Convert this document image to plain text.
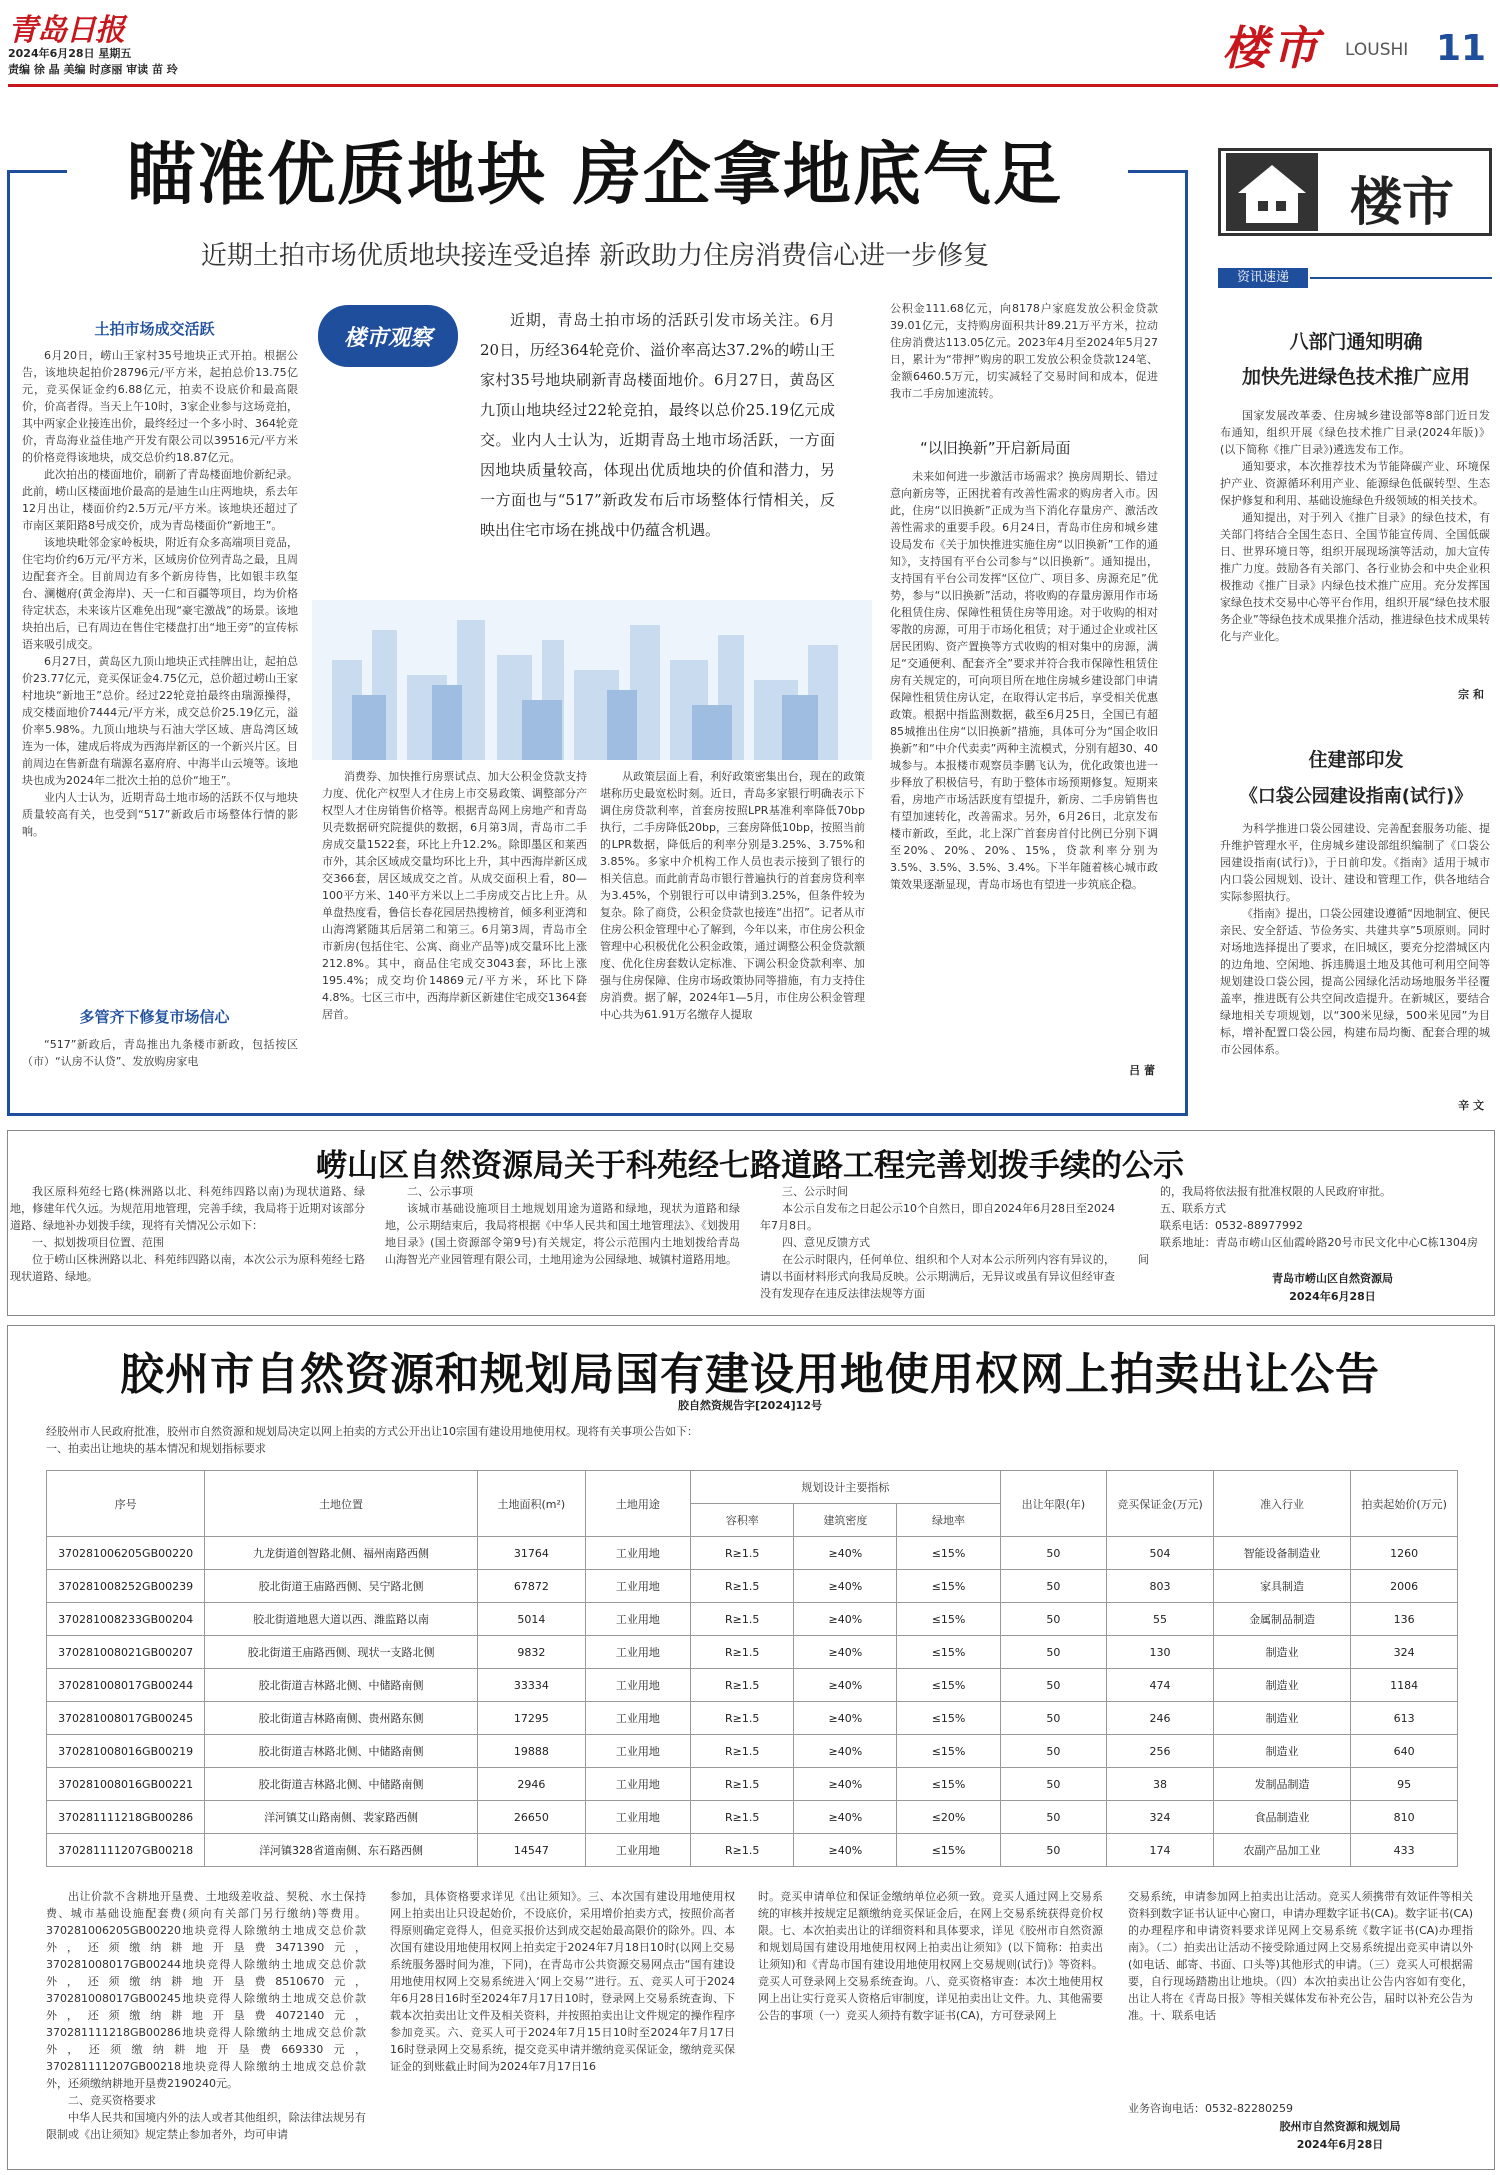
青岛日报
2024年6月28日 星期五
责编 徐 晶 美编 时彦丽 审读 苗 玲	楼市 LOUSHI 11
瞄准优质地块 房企拿地底气足
近期土拍市场优质地块接连受追捧 新政助力住房消费信心进一步修复
土拍市场成交活跃

6月20日，崂山王家村35号地块正式开拍。根据公告，该地块起拍价28796元/平方米，起拍总价13.75亿元，竞买保证金约6.88亿元，拍卖不设底价和最高限价，价高者得。当天上午10时，3家企业参与这场竞拍，其中两家企业接连出价，最终经过一个多小时、364轮竞价，青岛海业益佳地产开发有限公司以39516元/平方米的价格竞得该地块，成交总价约18.87亿元。

此次拍出的楼面地价，刷新了青岛楼面地价新纪录。此前，崂山区楼面地价最高的是迪生山庄两地块，系去年12月出让，楼面价约2.5万元/平方米。该地块还超过了市南区莱阳路8号成交价，成为青岛楼面价“新地王”。

该地块毗邻金家岭板块，附近有众多高端项目竞品，住宅均价约6万元/平方米，区域房价位列青岛之最，且周边配套齐全。目前周边有多个新房待售，比如银丰玖玺台、澜樾府(黄金海岸)、天一仁和百疆等项目，均为价格待定状态，未来该片区难免出现“豪宅激战”的场景。该地块拍出后，已有周边在售住宅楼盘打出“地王旁”的宣传标语来吸引成交。

6月27日，黄岛区九顶山地块正式挂牌出让，起拍总价23.77亿元，竞买保证金4.75亿元，总价超过崂山王家村地块“新地王”总价。经过22轮竞拍最终由瑞源操得，成交楼面地价7444元/平方米，成交总价25.19亿元，溢价率5.98%。九顶山地块与石油大学区域、唐岛湾区域连为一体，建成后将成为西海岸新区的一个新兴片区。目前周边在售新盘有瑞源名嘉府府、中海半山云境等。该地块也成为2024年二批次土拍的总价“地王”。

业内人士认为，近期青岛土地市场的活跃不仅与地块质量较高有关，也受到“517”新政后市场整体行情的影响。

多管齐下修复市场信心

“517”新政后，青岛推出九条楼市新政，包括按区（市）“认房不认贷”、发放购房家电

楼市观察
近期，青岛土拍市场的活跃引发市场关注。6月20日，历经364轮竞价、溢价率高达37.2%的崂山王家村35号地块刷新青岛楼面地价。6月27日，黄岛区九顶山地块经过22轮竞拍，最终以总价25.19亿元成交。业内人士认为，近期青岛土地市场活跃，一方面因地块质量较高，体现出优质地块的价值和潜力，另一方面也与“517”新政发布后市场整体行情相关，反映出住宅市场在挑战中仍蕴含机遇。
消费券、加快推行房票试点、加大公积金贷款支持力度、优化产权型人才住房上市交易政策、调整部分产权型人才住房销售价格等。根据青岛网上房地产和青岛贝壳数据研究院提供的数据，6月第3周，青岛市二手房成交量1522套，环比上升12.2%。除即墨区和莱西市外，其余区域成交量均环比上升，其中西海岸新区成交366套，居区域成交之首。从成交面积上看，80—100平方米、140平方米以上二手房成交占比上升。从单盘热度看，鲁信长春花园居热搜榜首，倾多利亚湾和山海湾紧随其后居第二和第三。6月第3周，青岛市全市新房(包括住宅、公寓、商业产品等)成交量环比上涨212.8%。其中，商品住宅成交3043套，环比上涨195.4%；成交均价14869元/平方米，环比下降4.8%。七区三市中，西海岸新区新建住宅成交1364套居首。
从政策层面上看，利好政策密集出台，现在的政策堪称历史最宽松时刻。近日，青岛多家银行明确表示下调住房贷款利率，首套房按照LPR基准利率降低70bp执行，二手房降低20bp，三套房降低10bp，按照当前的LPR数据，降低后的利率分别是3.25%、3.75%和3.85%。多家中介机构工作人员也表示接到了银行的相关信息。而此前青岛市银行普遍执行的首套房贷利率为3.45%，个别银行可以申请到3.25%，但条件较为复杂。除了商贷，公积金贷款也接连“出招”。记者从市住房公积金管理中心了解到，今年以来，市住房公积金管理中心积极优化公积金政策，通过调整公积金贷款额度、优化住房套数认定标准、下调公积金贷款利率、加强与住房保障、住房市场政策协同等措施，有力支持住房消费。据了解，2024年1—5月，市住房公积金管理中心共为61.91万名缴存人提取
公积金111.68亿元，向8178户家庭发放公积金贷款39.01亿元，支持购房面积共计89.21万平方米，拉动住房消费达113.05亿元。2023年4月至2024年5月27日，累计为“带押”购房的职工发放公积金贷款124笔、金额6460.5万元，切实减轻了交易时间和成本，促进我市二手房加速流转。
“以旧换新”开启新局面
未来如何进一步激活市场需求？换房周期长、错过意向新房等，正困扰着有改善性需求的购房者入市。因此，住房“以旧换新”正成为当下消化存量房产、激活改善性需求的重要手段。6月24日，青岛市住房和城乡建设局发布《关于加快推进实施住房“以旧换新”工作的通知》，支持国有平台公司参与“以旧换新”。通知提出，支持国有平台公司发挥“区位广、项目多、房源充足”优势，参与“以旧换新”活动，将收购的存量房源用作市场化租赁住房、保障性租赁住房等用途。对于收购的相对零散的房源，可用于市场化租赁；对于通过企业或社区居民团购、资产置换等方式收购的相对集中的房源，满足“交通便利、配套齐全”要求并符合我市保障性租赁住房有关规定的，可向项目所在地住房城乡建设部门申请保障性租赁住房认定，在取得认定书后，享受相关优惠政策。根据中指监测数据，截至6月25日，全国已有超85城推出住房“以旧换新”措施，具体可分为“国企收旧换新”和“中介代卖卖”两种主流模式，分别有超30、40城参与。本报楼市观察员李鹏飞认为，优化政策也进一步释放了积极信号，有助于整体市场预期修复。短期来看，房地产市场活跃度有望提升，新房、二手房销售也有望加速转化，改善需求。另外，6月26日，北京发布楼市新政，至此，北上深广首套房首付比例已分别下调至20%、20%、20%、15%，贷款利率分别为3.5%、3.5%、3.5%、3.4%。下半年随着核心城市政策效果逐渐显现，青岛市场也有望进一步筑底企稳。
吕 蕾
楼市
资讯速递
八部门通知明确
加快先进绿色技术推广应用

国家发展改革委、住房城乡建设部等8部门近日发布通知，组织开展《绿色技术推广目录(2024年版)》(以下简称《推广目录》)遴选发布工作。

通知要求，本次推荐技术为节能降碳产业、环境保护产业、资源循环利用产业、能源绿色低碳转型、生态保护修复和利用、基础设施绿色升级领域的相关技术。

通知提出，对于列入《推广目录》的绿色技术，有关部门将结合全国生态日、全国节能宣传周、全国低碳日、世界环境日等，组织开展现场演等活动，加大宣传推广力度。鼓励各有关部门、各行业协会和中央企业积极推动《推广目录》内绿色技术推广应用。充分发挥国家绿色技术交易中心等平台作用，组织开展“绿色技术服务企业”等绿色技术成果推介活动，推进绿色技术成果转化与产业化。

宗 和
住建部印发
《口袋公园建设指南(试行)》

为科学推进口袋公园建设、完善配套服务功能、提升维护管理水平，住房城乡建设部组织编制了《口袋公园建设指南(试行)》，于日前印发。《指南》适用于城市内口袋公园规划、设计、建设和管理工作，供各地结合实际参照执行。

《指南》提出，口袋公园建设遵循“因地制宜、便民亲民、安全舒适、节俭务实、共建共享”5项原则。同时对场地选择提出了要求，在旧城区，要充分挖潜城区内的边角地、空闲地、拆违腾退土地及其他可利用空间等规划建设口袋公园，提高公园绿化活动场地服务半径覆盖率，推进既有公共空间改造提升。在新城区，要结合绿地相关专项规划，以“300米见绿，500米见园”为目标，增补配置口袋公园，构建布局均衡、配套合理的城市公园体系。

辛 文
崂山区自然资源局关于科苑经七路道路工程完善划拨手续的公示

我区原科苑经七路(株洲路以北、科苑纬四路以南)为现状道路、绿地，修建年代久远。为规范用地管理，完善手续，我局将于近期对该部分道路、绿地补办划拨手续，现将有关情况公示如下：

一、拟划拨项目位置、范围

位于崂山区株洲路以北、科苑纬四路以南，本次公示为原科苑经七路现状道路、绿地。

二、公示事项

该城市基础设施项目土地规划用途为道路和绿地，现状为道路和绿地，公示期结束后，我局将根据《中华人民共和国土地管理法》、《划拨用地目录》(国土资源部令第9号)有关规定，将公示范围内土地划拨给青岛山海智光产业园管理有限公司，土地用途为公园绿地、城镇村道路用地。

三、公示时间

本公示自发布之日起公示10个自然日，即自2024年6月28日至2024年7月8日。

四、意见反馈方式

在公示时限内，任何单位、组织和个人对本公示所列内容有异议的，请以书面材料形式向我局反映。公示期满后，无异议或虽有异议但经审查没有发现存在违反法律法规等方面

的，我局将依法报有批准权限的人民政府审批。

五、联系方式

联系电话：0532-88977992

联系地址：青岛市崂山区仙霞岭路20号市民文化中心C栋1304房间

青岛市崂山区自然资源局
2024年6月28日
胶州市自然资源和规划局国有建设用地使用权网上拍卖出让公告
胶自然资规告字[2024]12号
经胶州市人民政府批准，胶州市自然资源和规划局决定以网上拍卖的方式公开出让10宗国有建设用地使用权。现将有关事项公告如下：
一、拍卖出让地块的基本情况和规划指标要求
序号	土地位置	土地面积(m²)	土地用途	规划设计主要指标			出让年限(年)	竞买保证金(万元)	准入行业	拍卖起始价(万元)
				容积率	建筑密度	绿地率				
370281006205GB00220	九龙街道创智路北侧、福州南路西侧	31764	工业用地	R≥1.5	≥40%	≤15%	50	504	智能设备制造业	1260
370281008252GB00239	胶北街道王庙路西侧、吴宁路北侧	67872	工业用地	R≥1.5	≥40%	≤15%	50	803	家具制造	2006
370281008233GB00204	胶北街道地恩大道以西、潍监路以南	5014	工业用地	R≥1.5	≥40%	≤15%	50	55	金属制品制造	136
370281008021GB00207	胶北街道王庙路西侧、现状一支路北侧	9832	工业用地	R≥1.5	≥40%	≤15%	50	130	制造业	324
370281008017GB00244	胶北街道吉林路北侧、中储路南侧	33334	工业用地	R≥1.5	≥40%	≤15%	50	474	制造业	1184
370281008017GB00245	胶北街道吉林路南侧、贵州路东侧	17295	工业用地	R≥1.5	≥40%	≤15%	50	246	制造业	613
370281008016GB00219	胶北街道吉林路北侧、中储路南侧	19888	工业用地	R≥1.5	≥40%	≤15%	50	256	制造业	640
370281008016GB00221	胶北街道吉林路北侧、中储路南侧	2946	工业用地	R≥1.5	≥40%	≤15%	50	38	发制品制造	95
370281111218GB00286	洋河镇艾山路南侧、裴家路西侧	26650	工业用地	R≥1.5	≥40%	≤20%	50	324	食品制造业	810
370281111207GB00218	洋河镇328省道南侧、东石路西侧	14547	工业用地	R≥1.5	≥40%	≤15%	50	174	农副产品加工业	433

出让价款不含耕地开垦费、土地级差收益、契税、水土保持费、城市基础设施配套费(须向有关部门另行缴纳)等费用。370281006205GB00220地块竞得人除缴纳土地成交总价款外，还须缴纳耕地开垦费3471390元，370281008017GB00244地块竞得人除缴纳土地成交总价款外，还须缴纳耕地开垦费8510670元，370281008017GB00245地块竞得人除缴纳土地成交总价款外，还须缴纳耕地开垦费4072140元，370281111218GB00286地块竞得人除缴纳土地成交总价款外，还须缴纳耕地开垦费669330元，370281111207GB00218地块竞得人除缴纳土地成交总价款外，还须缴纳耕地开垦费2190240元。

二、竞买资格要求

中华人民共和国境内外的法人或者其他组织，除法律法规另有限制或《出让须知》规定禁止参加者外，均可申请

参加，具体资格要求详见《出让须知》。三、本次国有建设用地使用权网上拍卖出让只设起始价，不设底价，采用增价拍卖方式，按照价高者得原则确定竞得人，但竞买报价达到成交起始最高限价的除外。四、本次国有建设用地使用权网上拍卖定于2024年7月18日10时(以网上交易系统服务器时间为准，下同)，在青岛市公共资源交易网点击“国有建设用地使用权网上交易系统进入‘网上交易’”进行。五、竞买人可于2024年6月28日16时至2024年7月17日10时，登录网上交易系统查询、下载本次拍卖出让文件及相关资料，并按照拍卖出让文件规定的操作程序参加竞买。六、竞买人可于2024年7月15日10时至2024年7月17日16时登录网上交易系统，提交竞买申请并缴纳竞买保证金，缴纳竞买保证金的到账截止时间为2024年7月17日16
时。竞买申请单位和保证金缴纳单位必须一致。竞买人通过网上交易系统的审核并按规定足额缴纳竞买保证金后，在网上交易系统获得竞价权限。七、本次拍卖出让的详细资料和具体要求，详见《胶州市自然资源和规划局国有建设用地使用权网上拍卖出让须知》(以下简称：拍卖出让须知)和《青岛市国有建设用地使用权网上交易规则(试行)》等资料。竞买人可登录网上交易系统查询。八、竞买资格审查：本次土地使用权网上出让实行竞买人资格后审制度，详见拍卖出让文件。九、其他需要公告的事项（一）竞买人须持有数字证书(CA)，方可登录网上
交易系统，申请参加网上拍卖出让活动。竞买人须携带有效证件等相关资料到数字证书认证中心窗口，申请办理数字证书(CA)。数字证书(CA)的办理程序和申请资料要求详见网上交易系统《数字证书(CA)办理指南》。（二）拍卖出让活动不接受除通过网上交易系统提出竞买申请以外(如电话、邮寄、书面、口头等)其他形式的申请。（三）竞买人可根据需要，自行现场踏勘出让地块。（四）本次拍卖出让公告内容如有变化，出让人将在《青岛日报》等相关媒体发布补充公告，届时以补充公告为准。十、联系电话
业务咨询电话：0532-82280259
胶州市自然资源和规划局
2024年6月28日
